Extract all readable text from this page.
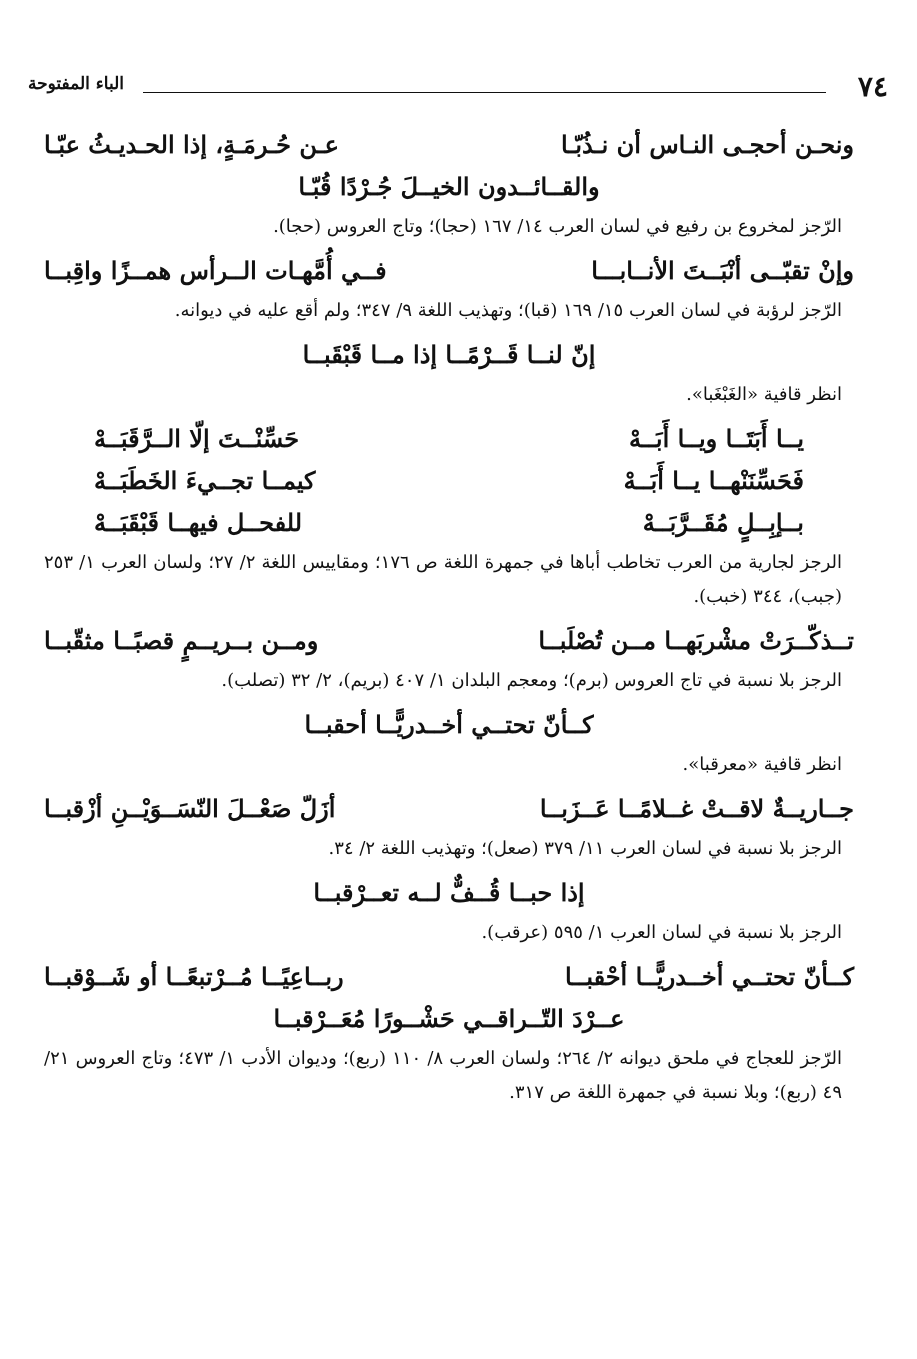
٧٤
الباء المفتوحة
ونحـن أحجـى النـاس أن نـذُبّـا
عـن حُـرمَـةٍ، إذا الحـديـثُ عبّـا
والقــائــدون الخيــلَ جُـرْدًا قُبّـا
الرّجز لمخروع بن رفيع في لسان العرب ١٤/ ١٦٧ (حجا)؛ وتاج العروس (حجا).
وإنْ تقبّــى أنْبَــتَ الأنــابـــا
فــي أُمَّهـات الــرأس همــزًا واقِبــا
الرّجز لرؤبة في لسان العرب ١٥/ ١٦٩ (قبا)؛ وتهذيب اللغة ٩/ ٣٤٧؛ ولم أقع عليه في ديوانه.
إنّ لنــا قَــرْمًــا إذا مــا قَبْقَبــا
انظر قافية «الغَبْغَبا».
يــا أَبَتَــا ويــا أَبَــهْ
حَسِّنْــتَ إلّا الــرَّقَبَــهْ
فَحَسِّنَنْهــا يــا أَبَــهْ
كيمــا تجــيءَ الخَطَبَــهْ
بــإبِــلٍ مُقَــرَّبَــهْ
للفحــل فيهــا قَبْقَبَــهْ
الرجز لجارية من العرب تخاطب أباها في جمهرة اللغة ص ١٧٦؛ ومقاييس اللغة ٢/ ٢٧؛ ولسان العرب ١/ ٢٥٣ (جبب)، ٣٤٤ (خبب).
تــذكّــرَتْ مشْربَهــا مــن تُصْلَبــا
ومــن بــريــمٍ قصبًــا مثقّبــا
الرجز بلا نسبة في تاج العروس (برم)؛ ومعجم البلدان ١/ ٤٠٧ (بريم)، ٢/ ٣٢ (تصلب).
كــأنّ تحتــي أخــدريًّــا أحقبــا
انظر قافية «معرقبا».
جــاريــةٌ لاقــتْ غــلامًــا عَــزَبــا
أزَلّ صَعْــلَ النّسَــوَيْــنِ أزْقبــا
الرجز بلا نسبة في لسان العرب ١١/ ٣٧٩ (صعل)؛ وتهذيب اللغة ٢/ ٣٤.
إذا حبــا قُــفٌّ لــه تعــرْقبــا
الرجز بلا نسبة في لسان العرب ١/ ٥٩٥ (عرقب).
كــأنّ تحتــي أخــدريًّــا أحْقبــا
ربــاعِيًــا مُــرْتبعًــا أو شَــوْقبــا
عــرْدَ التّــراقــي حَشْــورًا مُعَــرْقبــا
الرّجز للعجاج في ملحق ديوانه ٢/ ٢٦٤؛ ولسان العرب ٨/ ١١٠ (ربع)؛ وديوان الأدب ١/ ٤٧٣؛ وتاج العروس ٢١/ ٤٩ (ربع)؛ وبلا نسبة في جمهرة اللغة ص ٣١٧.
